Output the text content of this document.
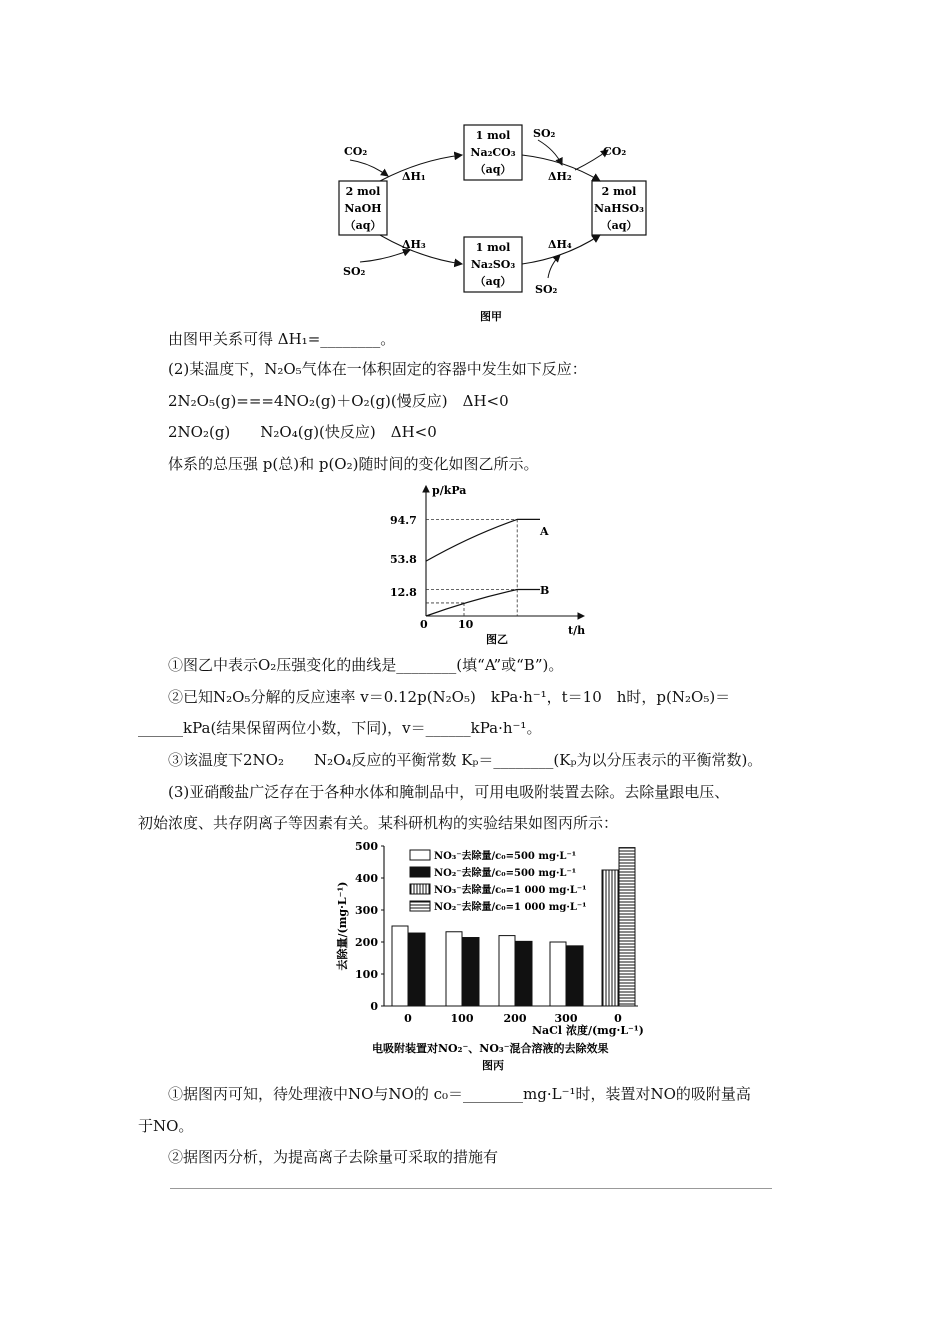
2 mol
NaOH
（aq）
1 mol
Na₂CO₃
（aq）
1 mol
Na₂SO₃
（aq）
2 mol
NaHSO₃
（aq）
CO₂
SO₂
CO₂
SO₂
SO₂
ΔH₁	ΔH₂
ΔH₃	ΔH₄
图甲
由图甲关系可得 ΔH₁=________。
(2)某温度下，N₂O₅气体在一体积固定的容器中发生如下反应：
2N₂O₅(g)===4NO₂(g)＋O₂(g)(慢反应)　ΔH<0
2NO₂(g)　　N₂O₄(g)(快反应)　ΔH<0
体系的总压强 p(总)和 p(O₂)随时间的变化如图乙所示。
p/kPa
t/h
0	10
12.8
53.8
94.7
A
B
图乙
①图乙中表示O₂压强变化的曲线是________(填“A”或“B”)。
②已知N₂O₅分解的反应速率 v＝0.12p(N₂O₅)　kPa·h⁻¹，t＝10　h时，p(N₂O₅)＝
______kPa(结果保留两位小数，下同)，v＝______kPa·h⁻¹。
③该温度下2NO₂　　N₂O₄反应的平衡常数 Kₚ＝________(Kₚ为以分压表示的平衡常数)。
(3)亚硝酸盐广泛存在于各种水体和腌制品中，可用电吸附装置去除。去除量跟电压、
初始浓度、共存阴离子等因素有关。某科研机构的实验结果如图丙所示：
0
100
200
300
400
500
0	100	200	300	0
去除量/(mg·L⁻¹)
NaCl 浓度/(mg·L⁻¹)
电吸附装置对NO₂⁻、NO₃⁻混合溶液的去除效果
图丙
NO₃⁻去除量/c₀=500 mg·L⁻¹
NO₂⁻去除量/c₀=500 mg·L⁻¹
NO₃⁻去除量/c₀=1 000 mg·L⁻¹
NO₂⁻去除量/c₀=1 000 mg·L⁻¹
①据图丙可知，待处理液中NO与NO的 c₀＝________mg·L⁻¹时，装置对NO的吸附量高
于NO。
②据图丙分析，为提高离子去除量可采取的措施有
